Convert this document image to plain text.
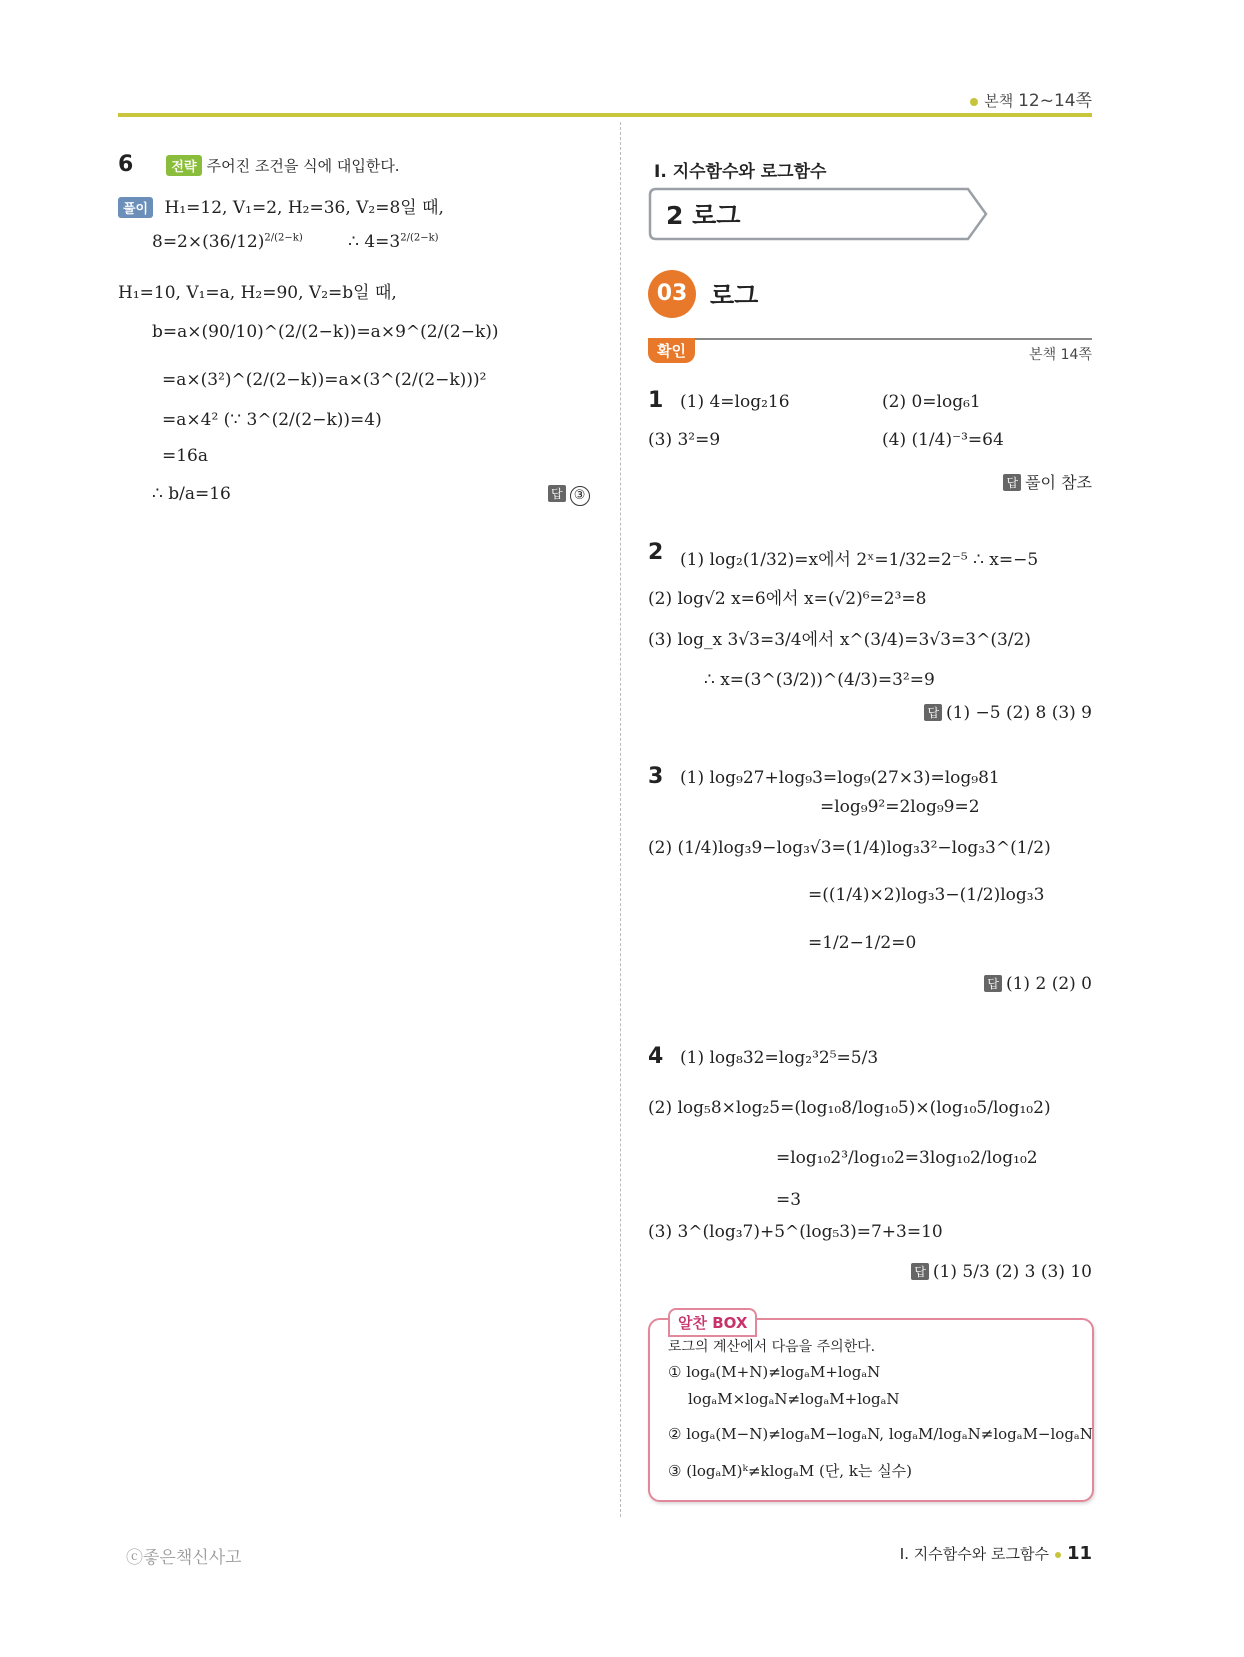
본책 12~14쪽
6	전략 주어진 조건을 식에 대입한다.
풀이 H₁=12, V₁=2, H₂=36, V₂=8일 때,
$8=2\times(36/12)^{2/(2-k)}$	∴ $4=3^{2/(2-k)}$
H₁=10, V₁=a, H₂=90, V₂=b일 때,
b=a×(90/10)^(2/(2−k))=a×9^(2/(2−k))
=a×(3²)^(2/(2−k))=a×(3^(2/(2−k)))²
=a×4² (∵ 3^(2/(2−k))=4)
=16a
∴ b/a=16	답 ③
Ⅰ. 지수함수와 로그함수
2 로그
03 로그
확인	본책 14쪽
1 (1) 4=log₂16	(2) 0=log₆1
(3) 3²=9	(4) (1/4)⁻³=64
답 풀이 참조
2 (1) log₂(1/32)=x에서 2ˣ=1/32=2⁻⁵ ∴ x=−5
(2) log√2 x=6에서 x=(√2)⁶=2³=8
(3) log_x 3√3=3/4에서 x^(3/4)=3√3=3^(3/2)
∴ x=(3^(3/2))^(4/3)=3²=9
답 (1) −5 (2) 8 (3) 9
3 (1) log₉27+log₉3=log₉(27×3)=log₉81
=log₉9²=2log₉9=2
(2) (1/4)log₃9−log₃√3=(1/4)log₃3²−log₃3^(1/2)
=((1/4)×2)log₃3−(1/2)log₃3
=1/2−1/2=0
답 (1) 2 (2) 0
4 (1) log₈32=log₂³2⁵=5/3
(2) log₅8×log₂5=(log₁₀8/log₁₀5)×(log₁₀5/log₁₀2)
=log₁₀2³/log₁₀2=3log₁₀2/log₁₀2
=3
(3) 3^(log₃7)+5^(log₅3)=7+3=10
답 (1) 5/3 (2) 3 (3) 10
알찬 BOX
로그의 계산에서 다음을 주의한다.
① logₐ(M+N)≠logₐM+logₐN
logₐM×logₐN≠logₐM+logₐN
② logₐ(M−N)≠logₐM−logₐN, logₐM/logₐN≠logₐM−logₐN
③ (logₐM)ᵏ≠klogₐM (단, k는 실수)
ⓒ좋은책신사고	Ⅰ. 지수함수와 로그함수 11
